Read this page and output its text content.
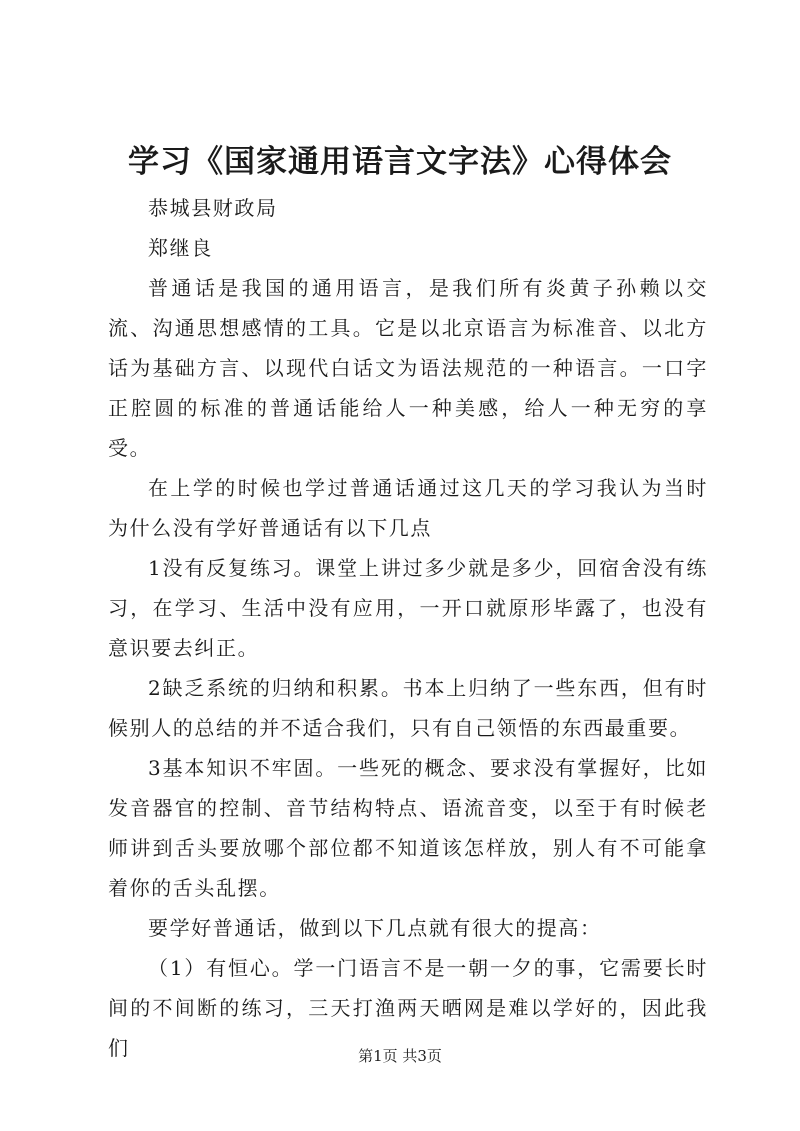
学习《国家通用语言文字法》心得体会

恭城县财政局

郑继良

普通话是我国的通用语言，是我们所有炎黄子孙赖以交流、沟通思想感情的工具。它是以北京语言为标准音、以北方话为基础方言、以现代白话文为语法规范的一种语言。一口字正腔圆的标准的普通话能给人一种美感，给人一种无穷的享受。

在上学的时候也学过普通话通过这几天的学习我认为当时为什么没有学好普通话有以下几点

1没有反复练习。课堂上讲过多少就是多少，回宿舍没有练习，在学习、生活中没有应用，一开口就原形毕露了，也没有意识要去纠正。

2缺乏系统的归纳和积累。书本上归纳了一些东西，但有时候别人的总结的并不适合我们，只有自己领悟的东西最重要。

3基本知识不牢固。一些死的概念、要求没有掌握好，比如发音器官的控制、音节结构特点、语流音变，以至于有时候老师讲到舌头要放哪个部位都不知道该怎样放，别人有不可能拿着你的舌头乱摆。

要学好普通话，做到以下几点就有很大的提高：

（1）有恒心。学一门语言不是一朝一夕的事，它需要长时间的不间断的练习，三天打渔两天晒网是难以学好的，因此我们	第1页 共3页
